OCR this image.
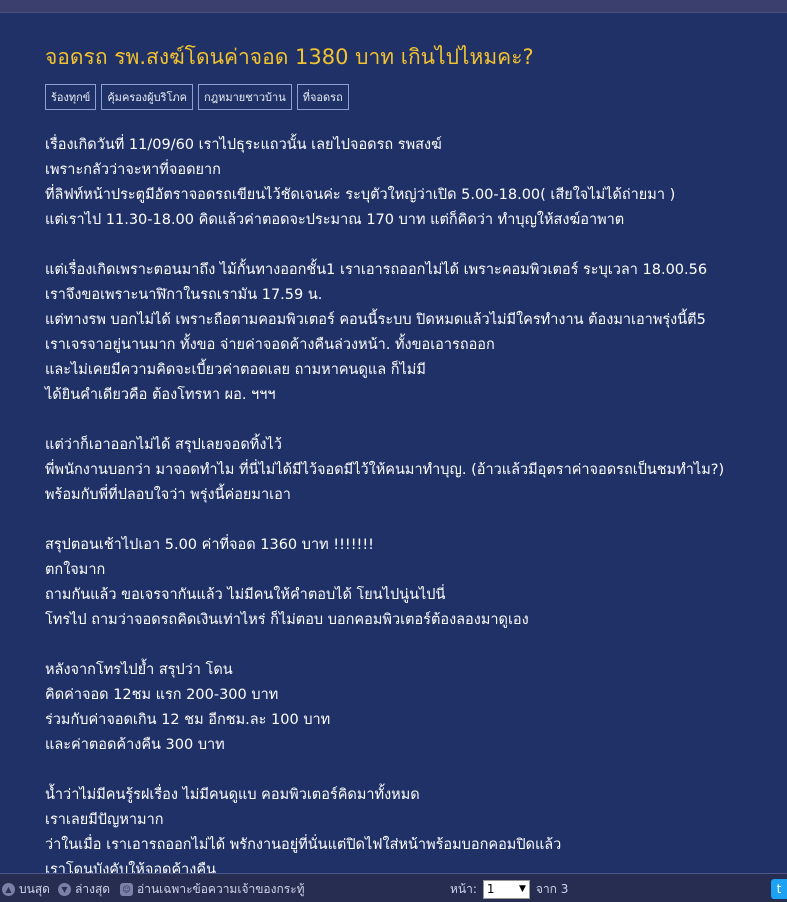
จอดรถ รพ.สงฆ์โดนค่าจอด 1380 บาท เกินไปไหมคะ?
ร้องทุกข์	คุ้มครองผู้บริโภค	กฎหมายชาวบ้าน	ที่จอดรถ
เรื่องเกิดวันที่ 11/09/60 เราไปธุระแถวนั้น เลยไปจอดรถ รพสงฆ์
เพราะกลัวว่าจะหาที่จอดยาก
ที่ลิฟท์หน้าประตูมีอัตราจอดรถเขียนไว้ชัดเจนค่ะ ระบุตัวใหญ่ว่าเปิด 5.00-18.00( เสียใจไม่ได้ถ่ายมา )
แต่เราไป 11.30-18.00 คิดแล้วค่าตอดจะประมาณ 170 บาท แต่ก็คิดว่า ทำบุญให้สงฆ์อาพาต
แต่เรื่องเกิดเพราะตอนมาถึง ไม้กั้นทางออกชั้น1 เราเอารถออกไม่ได้ เพราะคอมพิวเตอร์ ระบุเวลา 18.00.56
เราจึงขอเพราะนาฬิกาในรถเรามัน 17.59 น.
แต่ทางรพ บอกไม่ได้ เพราะถือตามคอมพิวเตอร์ คอนนี้ระบบ ปิดหมดแล้วไม่มีใครทำงาน ต้องมาเอาพรุ่งนี้ตี5
เราเจรจาอยู่นานมาก ทั้งขอ จ่ายค่าจอดค้างคืนล่วงหน้า. ทั้งขอเอารถออก
และไม่เคยมีความคิดจะเบี้ยวค่าตอดเลย ถามหาคนดูแล ก็ไม่มี
ได้ยินคำเดียวคือ ต้องโทรหา ผอ. ฯฯฯ
แต่ว่าก็เอาออกไม่ได้ สรุปเลยจอดทิ้งไว้
พี่พนักงานบอกว่า มาจอดทำไม ที่นี่ไม่ได้มีไว้จอดมีไว้ให้คนมาทำบุญ. (อ้าวแล้วมีอุตราค่าจอดรถเป็นชมทำไม?)
พร้อมกับพี่ที่ปลอบใจว่า พรุ่งนี้ค่อยมาเอา
สรุปตอนเช้าไปเอา 5.00 ค่าที่จอด 1360 บาท !!!!!!!
ตกใจมาก
ถามกันแล้ว ขอเจรจากันแล้ว ไม่มีคนให้คำตอบได้ โยนไปนู่นไปนี่
โทรไป ถามว่าจอดรถคิดเงินเท่าไหร่ ก็ไม่ตอบ บอกคอมพิวเตอร์ต้องลองมาดูเอง
หลังจากโทรไปย้ำ สรุปว่า โดน
คิดค่าจอด 12ชม แรก 200-300 บาท
ร่วมกับค่าจอดเกิน 12 ชม อีกชม.ละ 100 บาท
และค่าตอดค้างคืน 300 บาท
น้ำว่าไม่มีคนรู้รฝเรื่อง ไม่มีคนดูแบ คอมพิวเตอร์คิดมาทั้งหมด
เราเลยมีปัญหามาก
ว่าในเมื่อ เราเอารถออกไม่ได้ พรักงานอยู่ที่นั่นแต่ปิดไฟใส่หน้าพร้อมบอกคอมปิดแล้ว
เราโดนบังคับให้จอดค้างคืน
▲ บนสุด	▼ ล่างสุด ☺ อ่านเฉพาะข้อความเจ้าของกระทู้	หน้า: 1	▼ จาก 3	t
